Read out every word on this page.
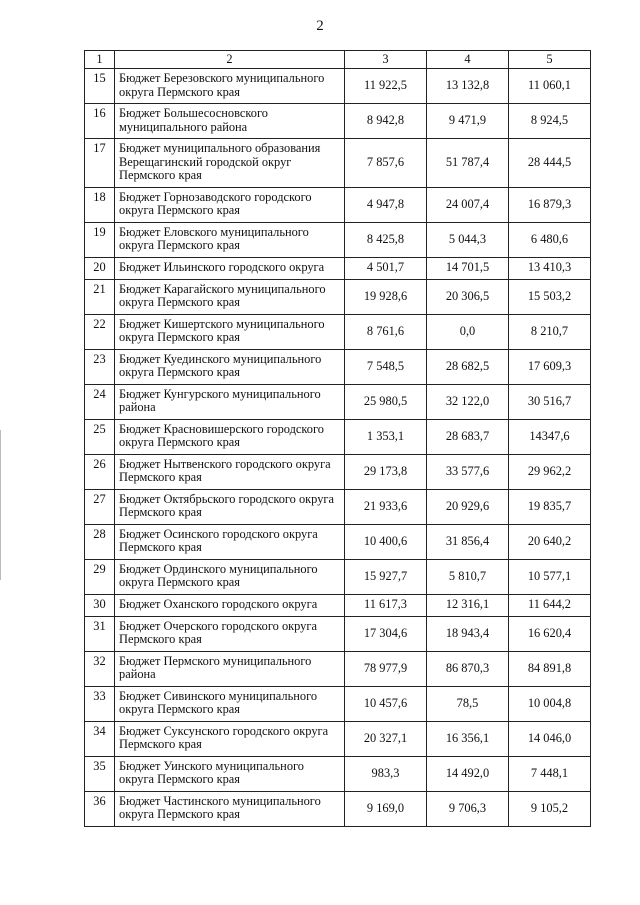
2
1	2	3	4	5
15	Бюджет Березовского муниципального округа Пермского края	11 922,5	13 132,8	11 060,1
16	Бюджет Большесосновского муниципального района	8 942,8	9 471,9	8 924,5
17	Бюджет муниципального образования Верещагинский городской округ Пермского края	7 857,6	51 787,4	28 444,5
18	Бюджет Горнозаводского городского округа Пермского края	4 947,8	24 007,4	16 879,3
19	Бюджет Еловского муниципального округа Пермского края	8 425,8	5 044,3	6 480,6
20	Бюджет Ильинского городского округа	4 501,7	14 701,5	13 410,3
21	Бюджет Карагайского муниципального округа Пермского края	19 928,6	20 306,5	15 503,2
22	Бюджет Кишертского муниципального округа Пермского края	8 761,6	0,0	8 210,7
23	Бюджет Куединского муниципального округа Пермского края	7 548,5	28 682,5	17 609,3
24	Бюджет Кунгурского муниципального района	25 980,5	32 122,0	30 516,7
25	Бюджет Красновишерского городского округа Пермского края	1 353,1	28 683,7	14347,6
26	Бюджет Нытвенского городского округа Пермского края	29 173,8	33 577,6	29 962,2
27	Бюджет Октябрьского городского округа Пермского края	21 933,6	20 929,6	19 835,7
28	Бюджет Осинского городского округа Пермского края	10 400,6	31 856,4	20 640,2
29	Бюджет Ординского муниципального округа Пермского края	15 927,7	5 810,7	10 577,1
30	Бюджет Оханского городского округа	11 617,3	12 316,1	11 644,2
31	Бюджет Очерского городского округа Пермского края	17 304,6	18 943,4	16 620,4
32	Бюджет Пермского муниципального района	78 977,9	86 870,3	84 891,8
33	Бюджет Сивинского муниципального округа Пермского края	10 457,6	78,5	10 004,8
34	Бюджет Суксунского городского округа Пермского края	20 327,1	16 356,1	14 046,0
35	Бюджет Уинского муниципального округа Пермского края	983,3	14 492,0	7 448,1
36	Бюджет Частинского муниципального округа Пермского края	9 169,0	9 706,3	9 105,2
